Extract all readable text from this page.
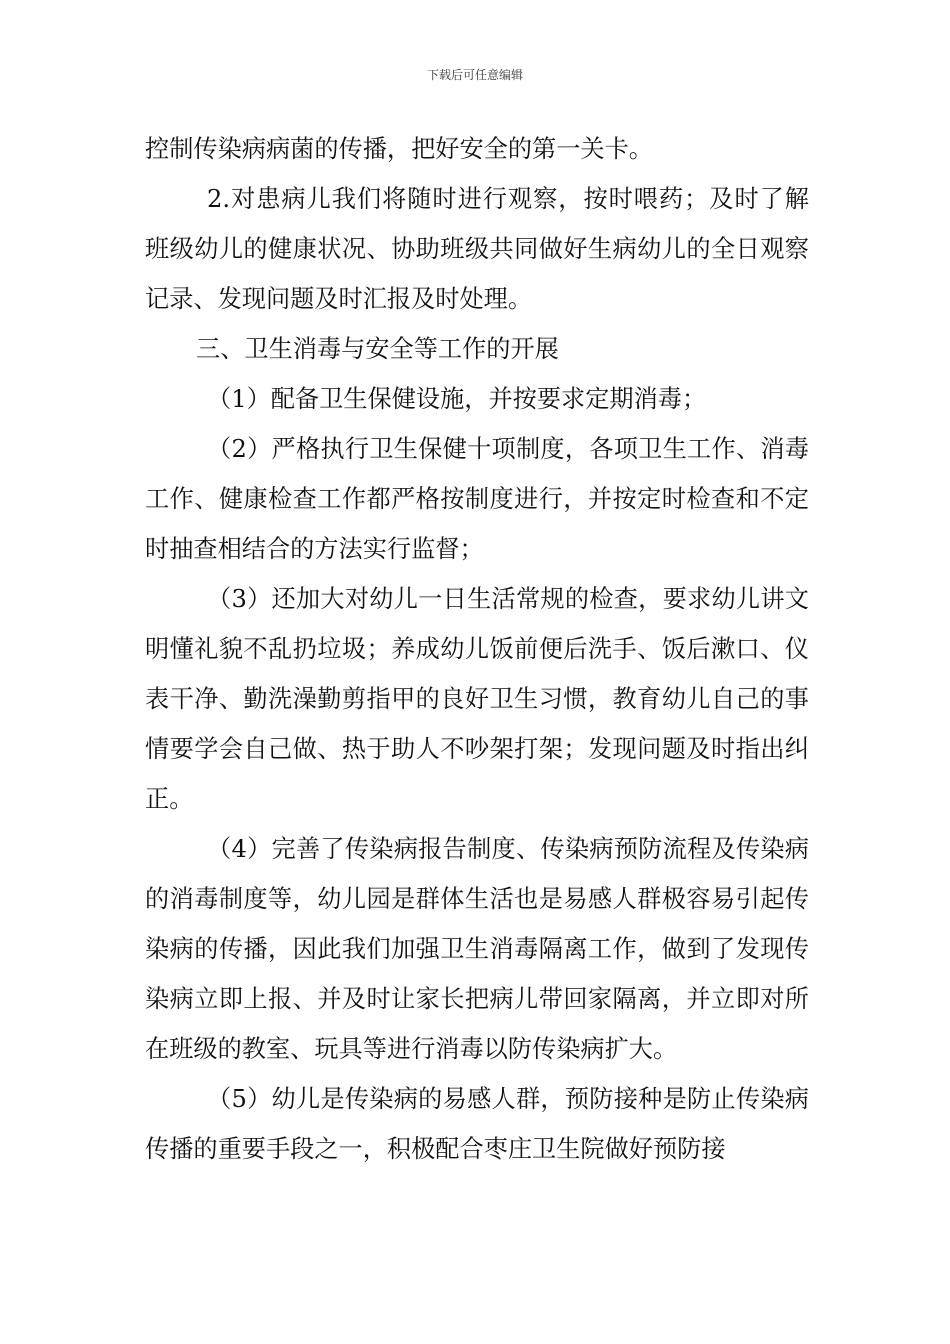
下载后可任意编辑

控制传染病病菌的传播，把好安全的第一关卡。

2.对患病儿我们将随时进行观察，按时喂药；及时了解班级幼儿的健康状况、协助班级共同做好生病幼儿的全日观察记录、发现问题及时汇报及时处理。

三、卫生消毒与安全等工作的开展

（1）配备卫生保健设施，并按要求定期消毒；

（2）严格执行卫生保健十项制度，各项卫生工作、消毒工作、健康检查工作都严格按制度进行，并按定时检查和不定时抽查相结合的方法实行监督；

（3）还加大对幼儿一日生活常规的检查，要求幼儿讲文明懂礼貌不乱扔垃圾；养成幼儿饭前便后洗手、饭后漱口、仪表干净、勤洗澡勤剪指甲的良好卫生习惯，教育幼儿自己的事情要学会自己做、热于助人不吵架打架；发现问题及时指出纠正。

（4）完善了传染病报告制度、传染病预防流程及传染病的消毒制度等，幼儿园是群体生活也是易感人群极容易引起传染病的传播，因此我们加强卫生消毒隔离工作，做到了发现传染病立即上报、并及时让家长把病儿带回家隔离，并立即对所在班级的教室、玩具等进行消毒以防传染病扩大。

（5）幼儿是传染病的易感人群，预防接种是防止传染病传播的重要手段之一，积极配合枣庄卫生院做好预防接
